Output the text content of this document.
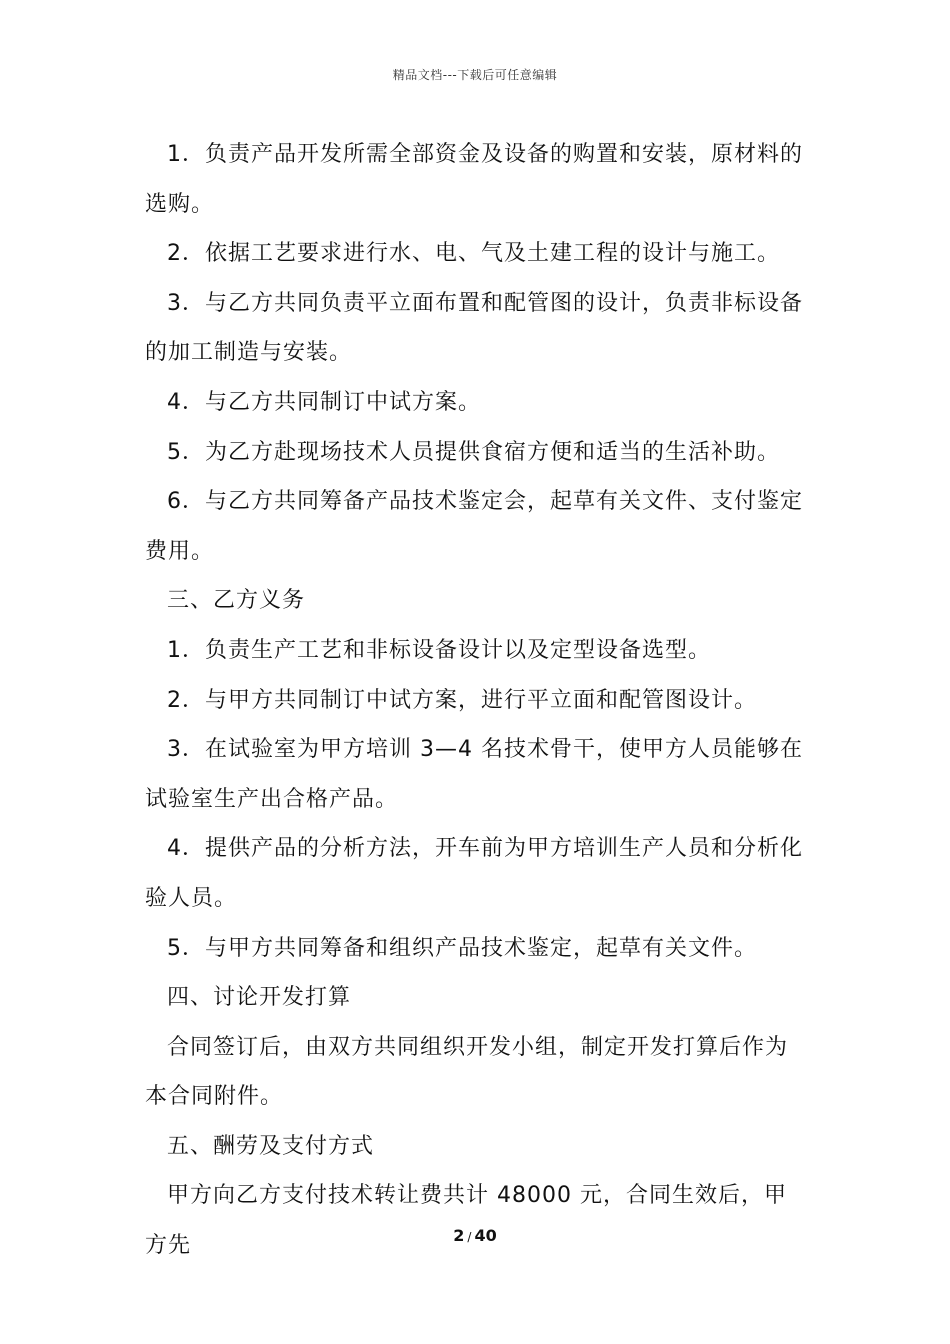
精品文档---下载后可任意编辑

1．负责产品开发所需全部资金及设备的购置和安装，原材料的选购。

2．依据工艺要求进行水、电、气及土建工程的设计与施工。

3．与乙方共同负责平立面布置和配管图的设计，负责非标设备的加工制造与安装。

4．与乙方共同制订中试方案。

5．为乙方赴现场技术人员提供食宿方便和适当的生活补助。

6．与乙方共同筹备产品技术鉴定会，起草有关文件、支付鉴定费用。

三、乙方义务

1．负责生产工艺和非标设备设计以及定型设备选型。

2．与甲方共同制订中试方案，进行平立面和配管图设计。

3．在试验室为甲方培训 3—4 名技术骨干，使甲方人员能够在试验室生产出合格产品。

4．提供产品的分析方法，开车前为甲方培训生产人员和分析化验人员。

5．与甲方共同筹备和组织产品技术鉴定，起草有关文件。

四、讨论开发打算

合同签订后，由双方共同组织开发小组，制定开发打算后作为本合同附件。

五、酬劳及支付方式

甲方向乙方支付技术转让费共计 48000 元，合同生效后，甲方先	2 / 40
